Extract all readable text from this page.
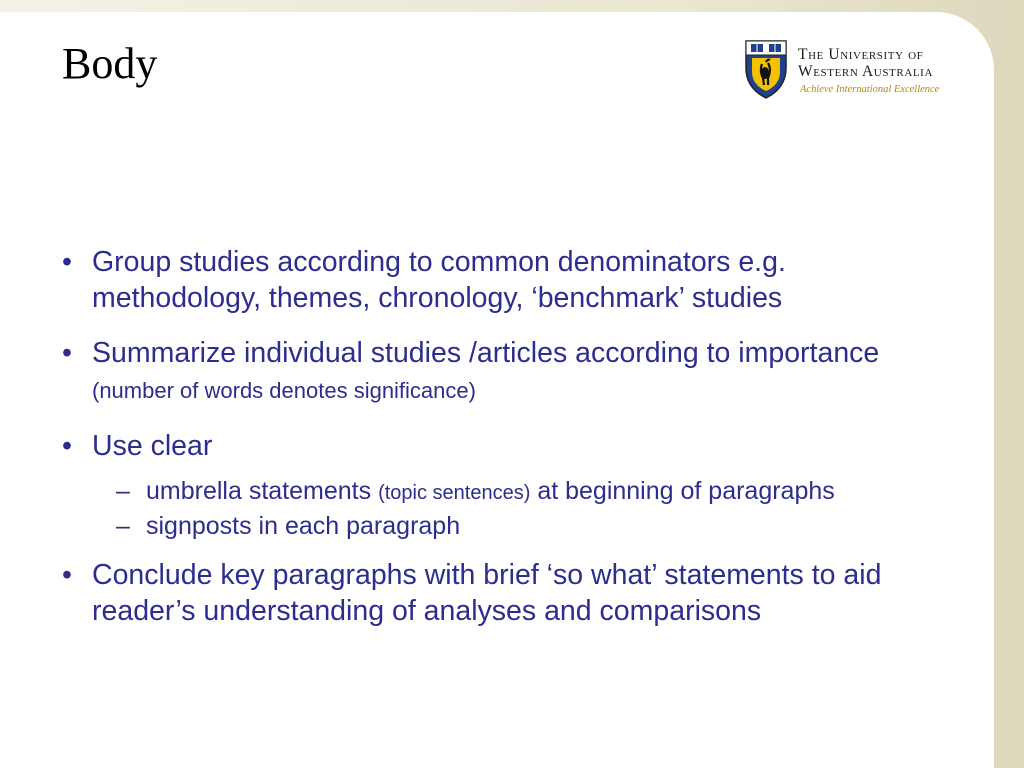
Body	The University of
Western Australia
Achieve International Excellence
• Group studies according to common denominators e.g. methodology, themes, chronology, ‘benchmark’ studies
• Summarize individual studies /articles according to importance (number of words denotes significance)
• Use clear
– umbrella statements (topic sentences) at beginning of paragraphs
– signposts in each paragraph
• Conclude key paragraphs with brief ‘so what’ statements to aid reader’s understanding of analyses and comparisons
